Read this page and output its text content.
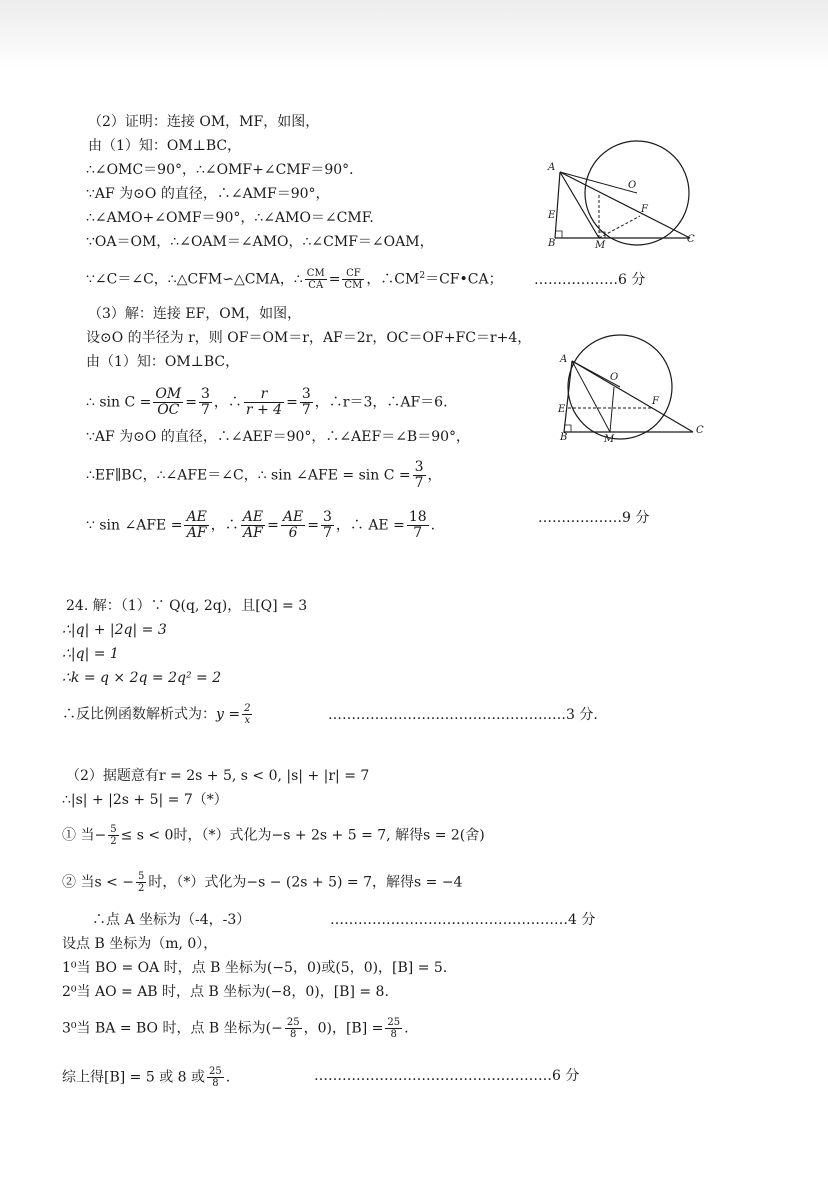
（2）证明：连接 OM，MF，如图，
由（1）知：OM⊥BC，
∴∠OMC＝90°，∴∠OMF+∠CMF＝90°．
∵AF 为⊙O 的直径，∴∠AMF＝90°，
∴∠AMO+∠OMF＝90°，∴∠AMO＝∠CMF.
∵OA＝OM，∴∠OAM＝∠AMO，∴∠CMF＝∠OAM，
∵∠C＝∠C，∴△CFM∽△CMA，∴ $\frac{CM}{CA} = \frac{CF}{CM}$ ，$\therefore CM^2=CF•CA$； ………………6 分
A
O
E
F
B	M
C
（3）解：连接 EF，OM，如图，
设⊙O 的半径为 r，则 OF＝OM＝r，AF＝2r，OC＝OF+FC＝r+4，
由（1）知：OM⊥BC，
∴ $\sin C = \frac{OM}{OC} = \frac{3}{7}$ ，∴ $\frac{r}{r + 4} = \frac{3}{7}$ ，∴r＝3，∴AF＝6.
∵AF 为⊙O 的直径，∴∠AEF＝90°，∴∠AEF＝∠B＝90°，
∴EF∥BC，∴∠AFE＝∠C，∴ sin ∠AFE = $\sin C = \frac{3}{7}$ ，
∵ sin ∠AFE = $\frac{AE}{AF}$ ，∴ $\frac{AE}{AF} = \frac{AE}{6} = \frac{3}{7}$ ，∴ AE = $\frac{18}{7}$ .	………………9 分
A
O
E
F
B	M
C
24. 解：（1）∵ Q(q, 2q)，且[Q] = 3
∴|q| + |2q| = 3
∴|q| = 1
∴k = q × 2q = 2q² = 2
∴反比例函数解析式为：$y = \frac{2}{x}$	……………………………………………3 分.
（2）据题意有r = 2s + 5, s < 0, |s| + |r| = 7
∴|s| + |2s + 5| = 7（*）
① 当− $\frac{5}{2} \le s < 0$时，（*）式化为−s + 2s + 5 = 7, 解得s = 2(舍)
② 当s < − $\frac{5}{2}$ 时，（*）式化为−s − (2s + 5) = 7，解得s = −4
∴点 A 坐标为（-4，-3）	……………………………………………4 分
设点 B 坐标为（m, 0），
1⁰当 BO = OA 时，点 B 坐标为(−5，0)或(5，0)，[B] = 5.
2⁰当 AO = AB 时，点 B 坐标为(−8，0)，[B] = 8.
3⁰当 BA = BO 时，点 B 坐标为(− $\frac{25}{8}$ ，0)，$[B] = \frac{25}{8}$ .
综上得[B] = 5 或 8 或 $\frac{25}{8}$ .	……………………………………………6 分
